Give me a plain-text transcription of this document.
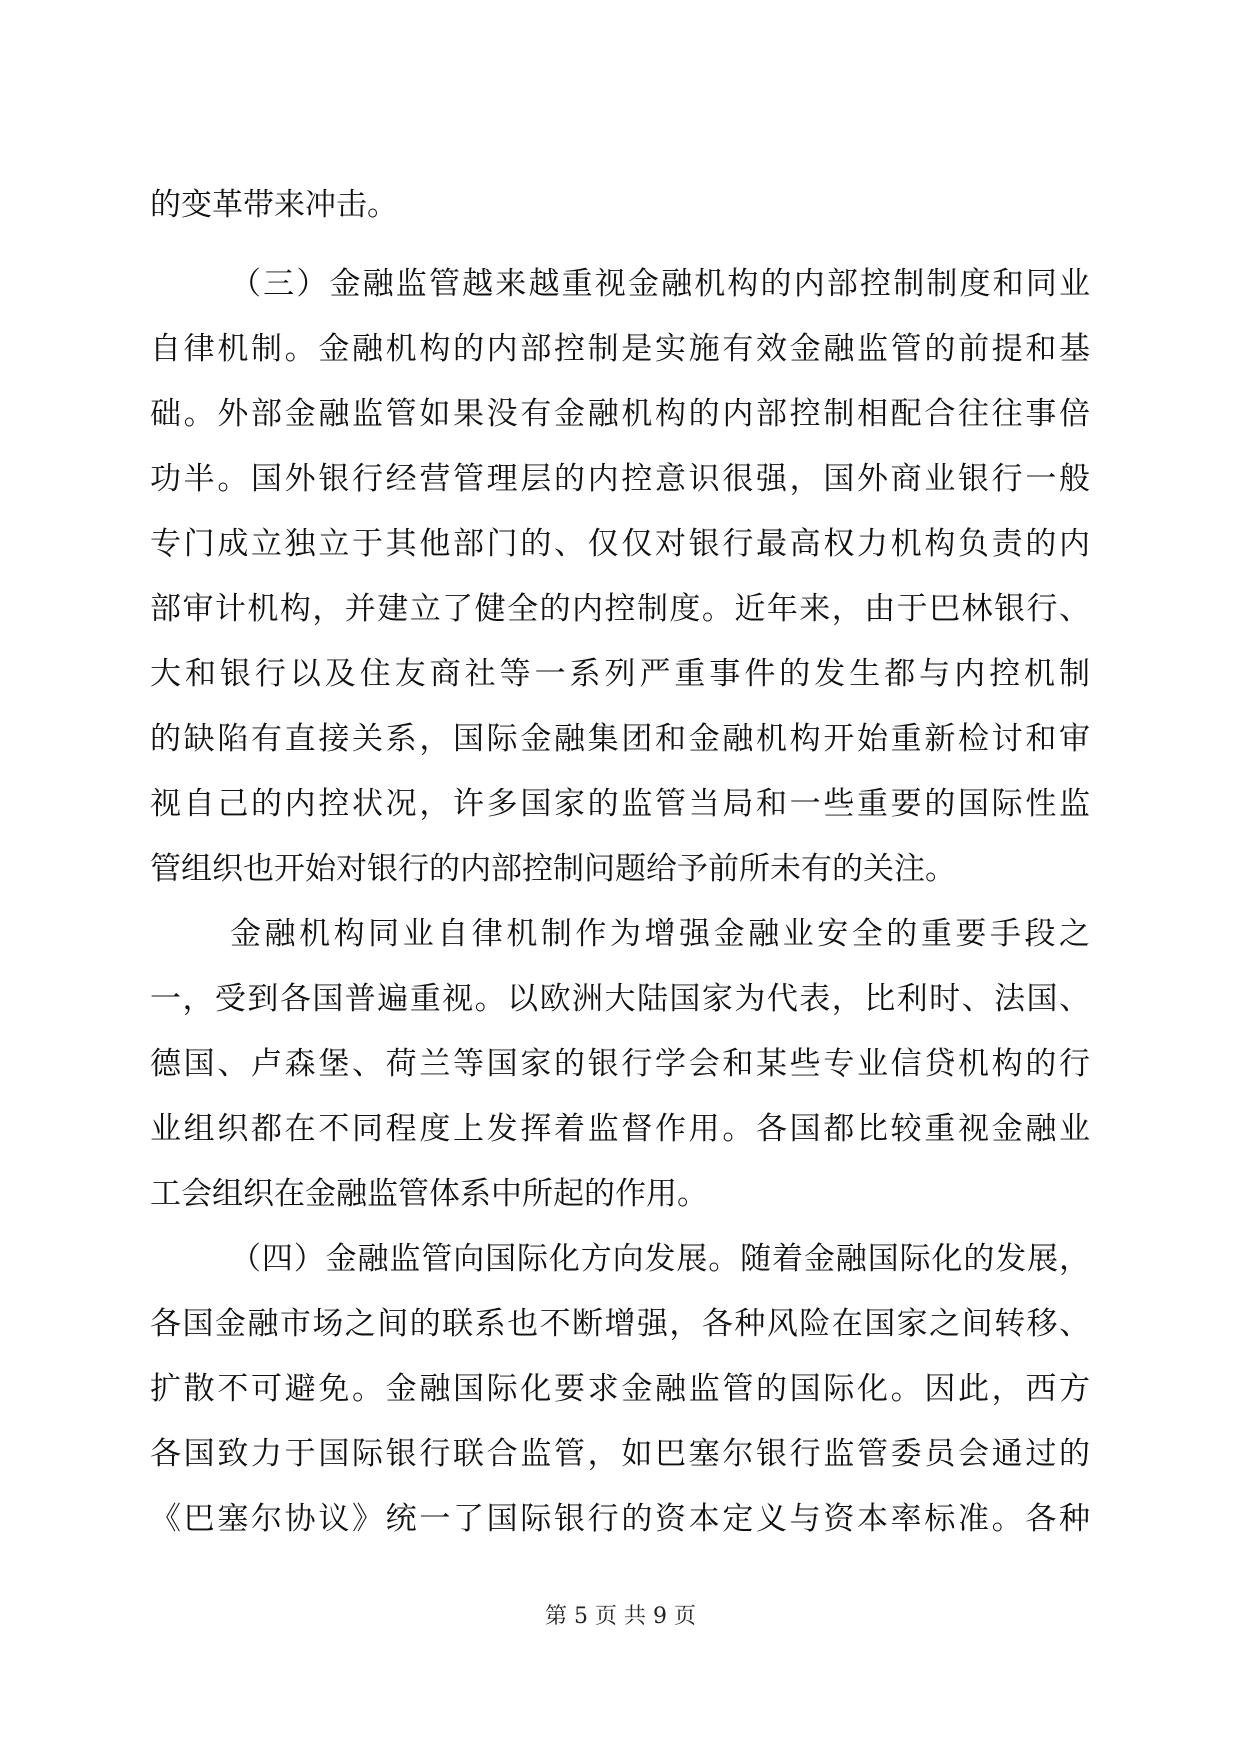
的变革带来冲击。
（三）金融监管越来越重视金融机构的内部控制制度和同业
自律机制。金融机构的内部控制是实施有效金融监管的前提和基
础。外部金融监管如果没有金融机构的内部控制相配合往往事倍
功半。国外银行经营管理层的内控意识很强，国外商业银行一般
专门成立独立于其他部门的、仅仅对银行最高权力机构负责的内
部审计机构，并建立了健全的内控制度。近年来，由于巴林银行、
大和银行以及住友商社等一系列严重事件的发生都与内控机制
的缺陷有直接关系，国际金融集团和金融机构开始重新检讨和审
视自己的内控状况，许多国家的监管当局和一些重要的国际性监
管组织也开始对银行的内部控制问题给予前所未有的关注。
金融机构同业自律机制作为增强金融业安全的重要手段之
一，受到各国普遍重视。以欧洲大陆国家为代表，比利时、法国、
德国、卢森堡、荷兰等国家的银行学会和某些专业信贷机构的行
业组织都在不同程度上发挥着监督作用。各国都比较重视金融业
工会组织在金融监管体系中所起的作用。
（四）金融监管向国际化方向发展。随着金融国际化的发展，
各国金融市场之间的联系也不断增强，各种风险在国家之间转移、
扩散不可避免。金融国际化要求金融监管的国际化。因此，西方
各国致力于国际银行联合监管，如巴塞尔银行监管委员会通过的
《巴塞尔协议》统一了国际银行的资本定义与资本率标准。各种
第 5 页 共 9 页
